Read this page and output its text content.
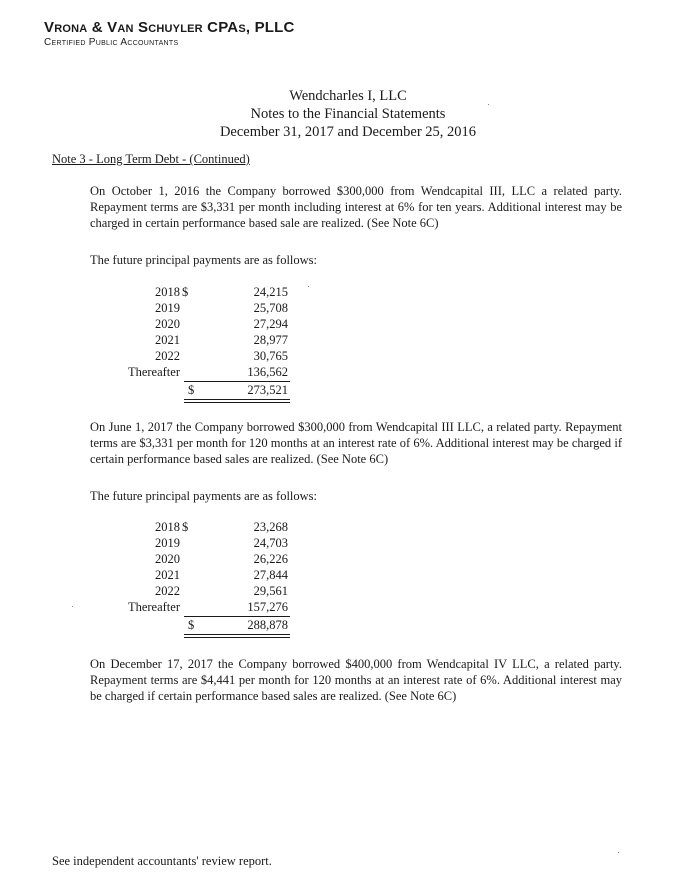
Vrona & Van Schuyler CPAs, PLLC
Certified Public Accountants
Wendcharles I, LLC
Notes to the Financial Statements
December 31, 2017 and December 25, 2016
Note 3 - Long Term Debt - (Continued)
On October 1, 2016 the Company borrowed $300,000 from Wendcapital III, LLC a related party. Repayment terms are $3,331 per month including interest at 6% for ten years. Additional interest may be charged in certain performance based sale are realized. (See Note 6C)
The future principal payments are as follows:
2018 $	24,215
2019	25,708
2020	27,294
2021	28,977
2022	30,765
Thereafter	136,562
$	273,521
On June 1, 2017 the Company borrowed $300,000 from Wendcapital III LLC, a related party. Repayment terms are $3,331 per month for 120 months at an interest rate of 6%. Additional interest may be charged if certain performance based sales are realized. (See Note 6C)
The future principal payments are as follows:
2018 $	23,268
2019	24,703
2020	26,226
2021	27,844
2022	29,561
Thereafter	157,276
$	288,878
On December 17, 2017 the Company borrowed $400,000 from Wendcapital IV LLC, a related party. Repayment terms are $4,441 per month for 120 months at an interest rate of 6%. Additional interest may be charged if certain performance based sales are realized. (See Note 6C)
See independent accountants' review report.
